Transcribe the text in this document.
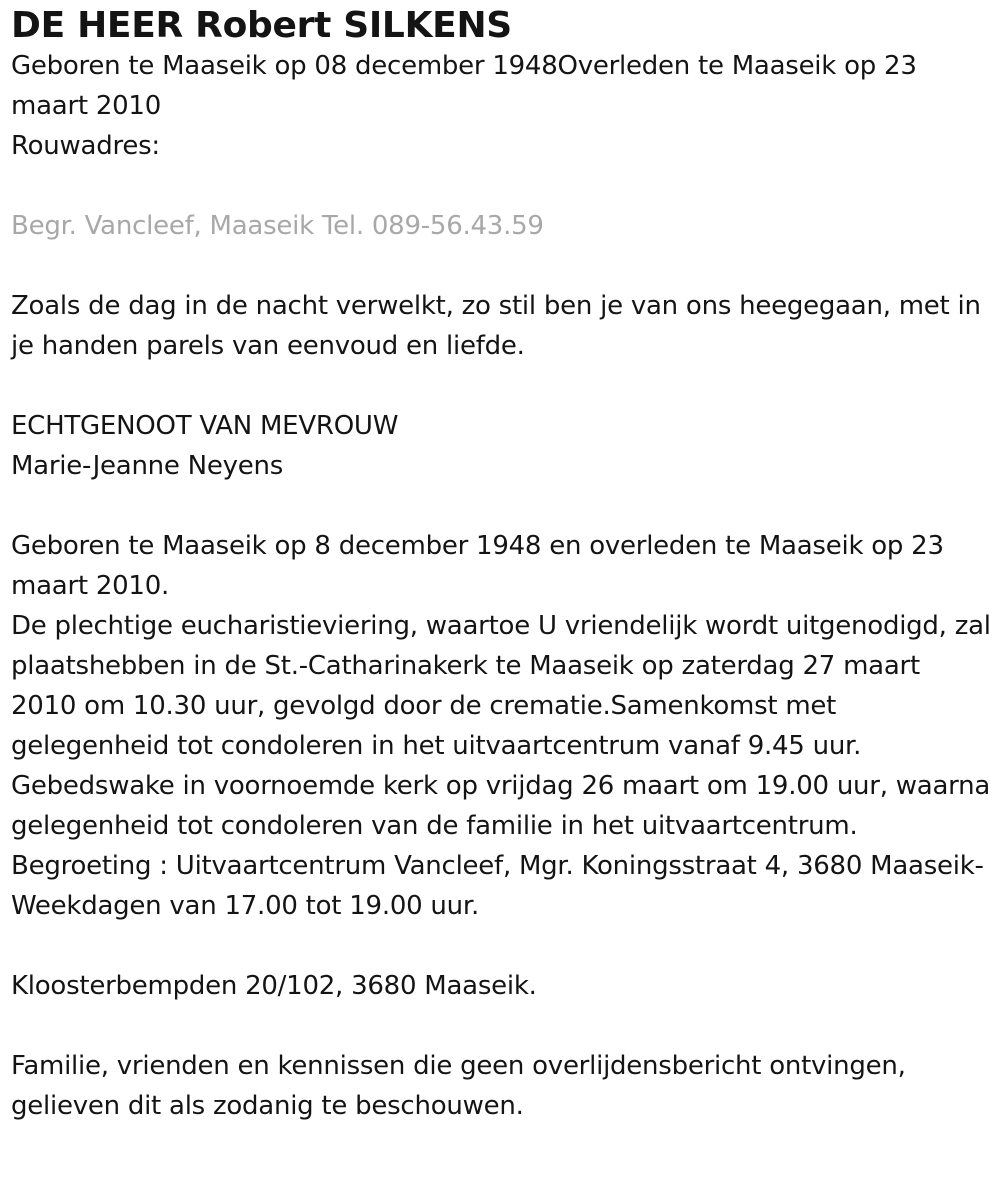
DE HEER Robert SILKENS

Geboren te Maaseik op 08 december 1948Overleden te Maaseik op 23 maart 2010

Rouwadres:

Begr. Vancleef, Maaseik Tel. 089-56.43.59

Zoals de dag in de nacht verwelkt, zo stil ben je van ons heegegaan, met in je handen parels van eenvoud en liefde.

ECHTGENOOT VAN MEVROUW

Marie-Jeanne Neyens

Geboren te Maaseik op 8 december 1948 en overleden te Maaseik op 23 maart 2010.

De plechtige eucharistieviering, waartoe U vriendelijk wordt uitgenodigd, zal plaatshebben in de St.-Catharinakerk te Maaseik op zaterdag 27 maart 2010 om 10.30 uur, gevolgd door de crematie.Samenkomst met gelegenheid tot condoleren in het uitvaartcentrum vanaf 9.45 uur.

Gebedswake in voornoemde kerk op vrijdag 26 maart om 19.00 uur, waarna gelegenheid tot condoleren van de familie in het uitvaartcentrum.

Begroeting : Uitvaartcentrum Vancleef, Mgr. Koningsstraat 4, 3680 Maaseik-Weekdagen van 17.00 tot 19.00 uur.

Kloosterbempden 20/102, 3680 Maaseik.

Familie, vrienden en kennissen die geen overlijdensbericht ontvingen, gelieven dit als zodanig te beschouwen.
